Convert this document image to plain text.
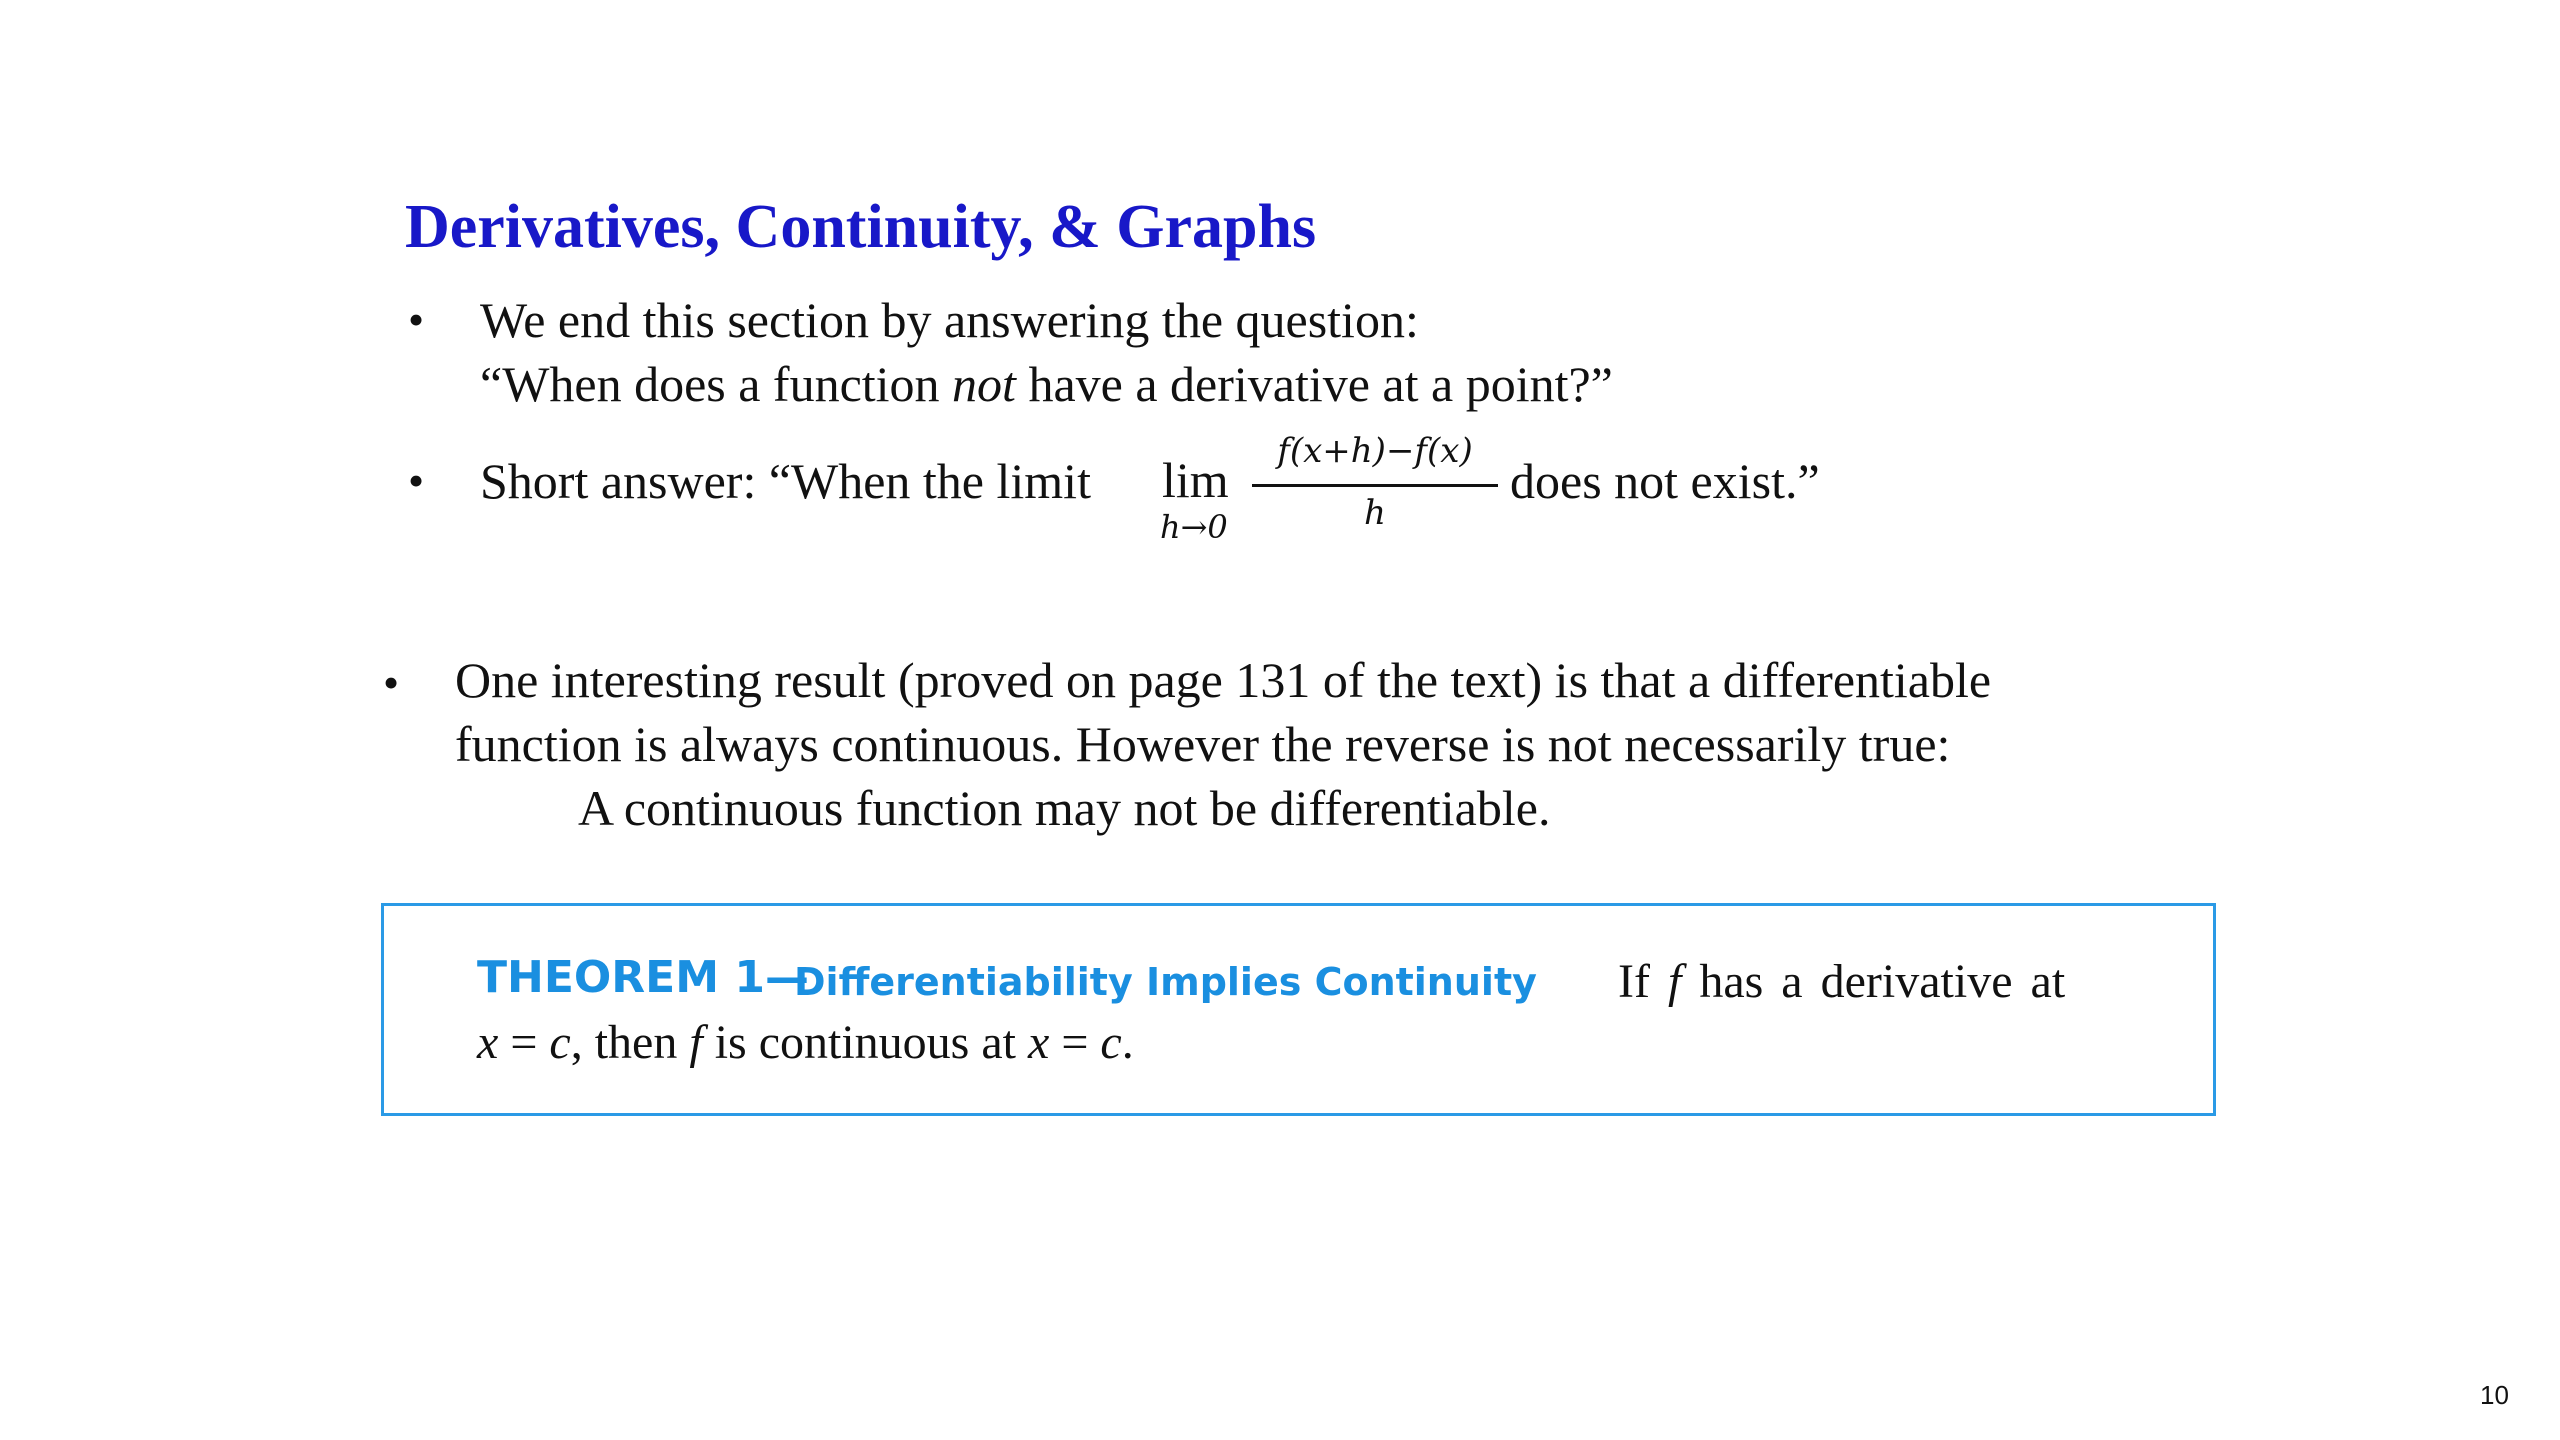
Derivatives, Continuity, & Graphs
• We end this section by answering the question:
“When does a function not have a derivative at a point?”
• Short answer: “When the limit lim
h→0
f(x+h)−f(x)
h
does not exist.”
• One interesting result (proved on page 131 of the text) is that a differentiable
function is always continuous. However the reverse is not necessarily true:
A continuous function may not be differentiable.
THEOREM 1—
Differentiability Implies Continuity If f has a derivative at
x = c, then f is continuous at x = c.
10
